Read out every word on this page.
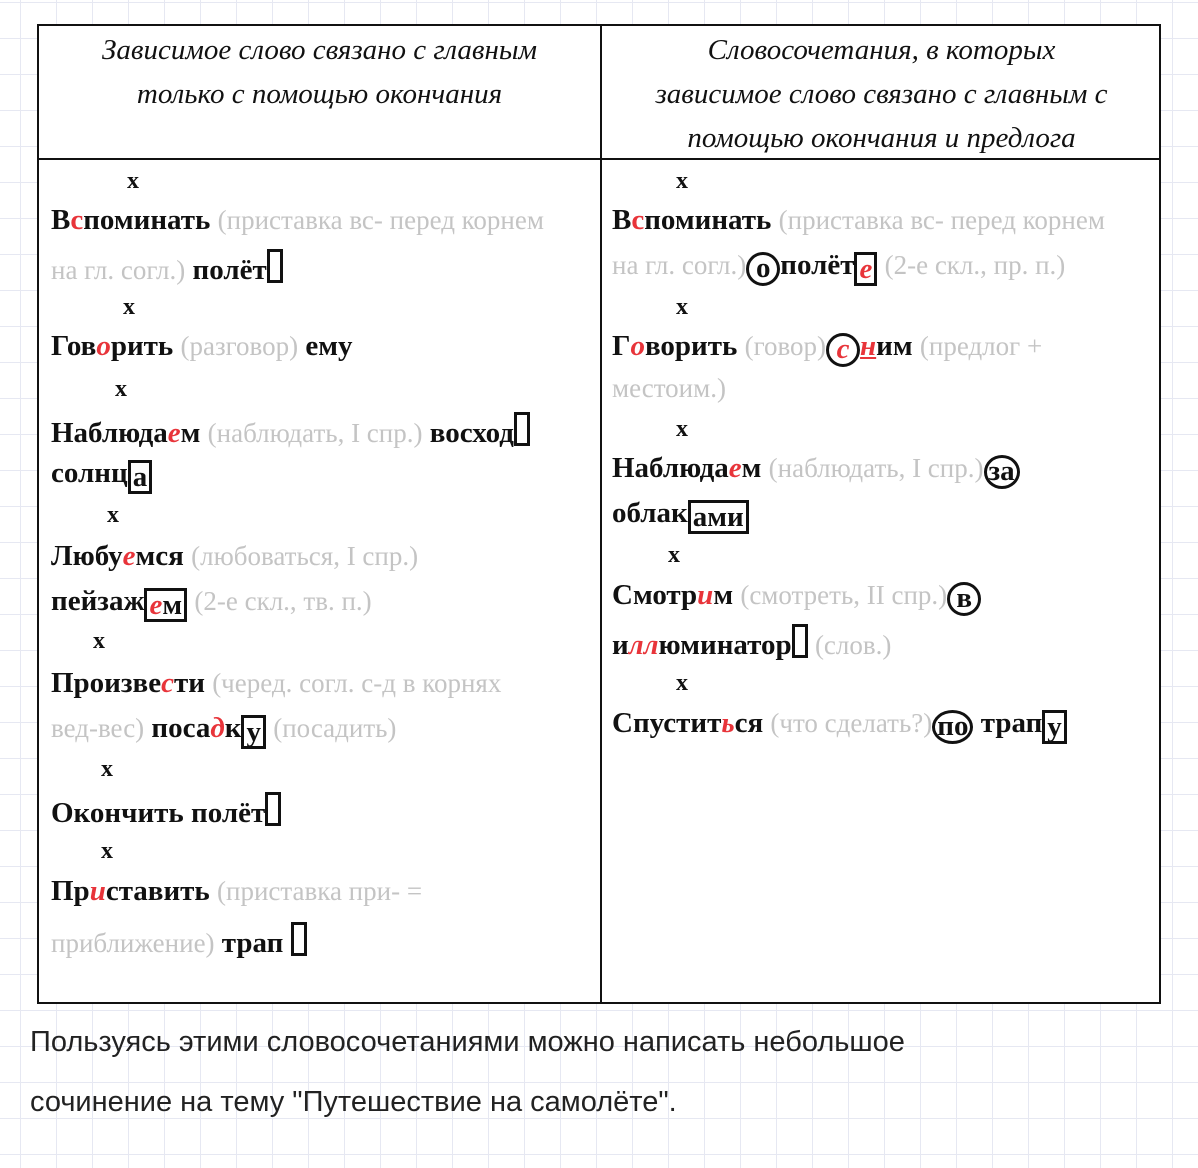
Зависимое слово связано с главным
только с помощью окончания
Словосочетания, в которых
зависимое слово связано с главным с
помощью окончания и предлога
x
Вспоминать (приставка вс- перед корнем
на гл. согл.) полёт
x
Говорить (разговор) ему
x
Наблюдаем (наблюдать, I спр.) восход
солнц а
x
Любуемся (любоваться, I спр.)
пейзаж ем (2-е скл., тв. п.)
x
Произвести (черед. согл. с-д в корнях
вед-вес) посадк у (посадить)
x
Окончить полёт
x
Приставить (приставка при- =
приближение) трап
x
Вспоминать (приставка вс- перед корнем
на гл. согл.) о полёт е (2-е скл., пр. п.)
x
Говорить (говор) с ним (предлог +
местоим.)
x
Наблюдаем (наблюдать, I спр.) за
облак ами
x
Смотрим (смотреть, II спр.) в
иллюминатор (слов.)
x
Спуститься (что сделать?) по трап у
Пользуясь этими словосочетаниями можно написать небольшое
сочинение на тему "Путешествие на самолёте".
